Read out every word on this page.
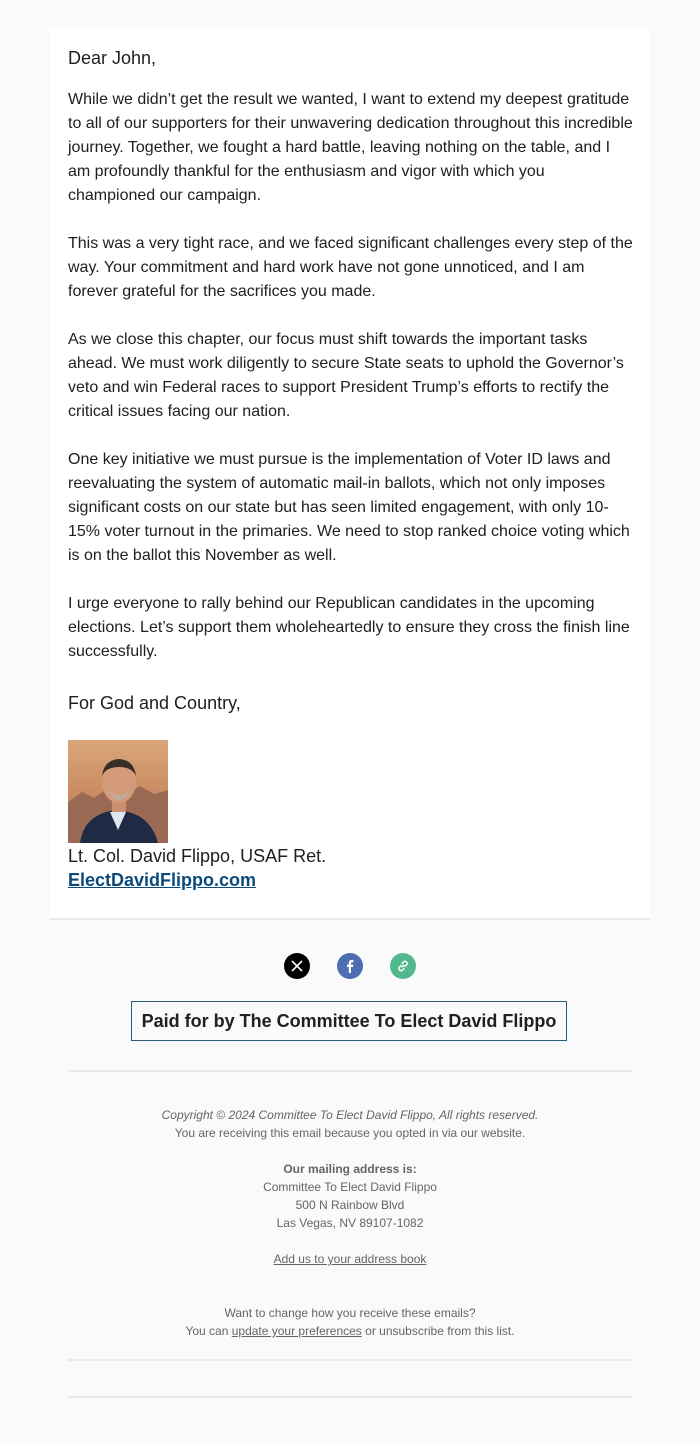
Dear John,
While we didn’t get the result we wanted, I want to extend my deepest gratitude to all of our supporters for their unwavering dedication throughout this incredible journey. Together, we fought a hard battle, leaving nothing on the table, and I am profoundly thankful for the enthusiasm and vigor with which you championed our campaign.
This was a very tight race, and we faced significant challenges every step of the way. Your commitment and hard work have not gone unnoticed, and I am forever grateful for the sacrifices you made.
As we close this chapter, our focus must shift towards the important tasks ahead. We must work diligently to secure State seats to uphold the Governor’s veto and win Federal races to support President Trump’s efforts to rectify the critical issues facing our nation.
One key initiative we must pursue is the implementation of Voter ID laws and reevaluating the system of automatic mail-in ballots, which not only imposes significant costs on our state but has seen limited engagement, with only 10-15% voter turnout in the primaries. We need to stop ranked choice voting which is on the ballot this November as well.
I urge everyone to rally behind our Republican candidates in the upcoming elections. Let’s support them wholeheartedly to ensure they cross the finish line successfully.
For God and Country,
Lt. Col. David Flippo, USAF Ret.
ElectDavidFlippo.com
Paid for by The Committee To Elect David Flippo
Copyright © 2024 Committee To Elect David Flippo, All rights reserved.
You are receiving this email because you opted in via our website.
Our mailing address is:
Committee To Elect David Flippo
500 N Rainbow Blvd
Las Vegas, NV 89107-1082
Add us to your address book
Want to change how you receive these emails?
You can update your preferences or unsubscribe from this list.
